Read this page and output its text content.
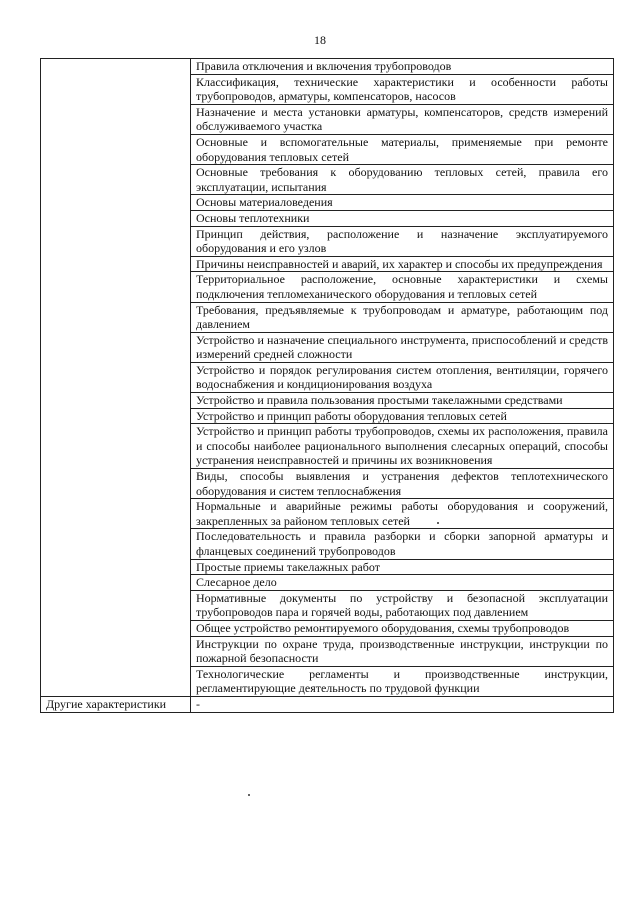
18
	Правила отключения и включения трубопроводов
	Классификация, технические характеристики и особенности работы трубопроводов, арматуры, компенсаторов, насосов
	Назначение и места установки арматуры, компенсаторов, средств измерений обслуживаемого участка
	Основные и вспомогательные материалы, применяемые при ремонте оборудования тепловых сетей
	Основные требования к оборудованию тепловых сетей, правила его эксплуатации, испытания
	Основы материаловедения
	Основы теплотехники
	Принцип действия, расположение и назначение эксплуатируемого оборудования и его узлов
	Причины неисправностей и аварий, их характер и способы их предупреждения
	Территориальное расположение, основные характеристики и схемы подключения тепломеханического оборудования и тепловых сетей
	Требования, предъявляемые к трубопроводам и арматуре, работающим под давлением
	Устройство и назначение специального инструмента, приспособлений и средств измерений средней сложности
	Устройство и порядок регулирования систем отопления, вентиляции, горячего водоснабжения и кондиционирования воздуха
	Устройство и правила пользования простыми такелажными средствами
	Устройство и принцип работы оборудования тепловых сетей
	Устройство и принцип работы трубопроводов, схемы их расположения, правила и способы наиболее рационального выполнения слесарных операций, способы устранения неисправностей и причины их возникновения
	Виды, способы выявления и устранения дефектов теплотехнического оборудования и систем теплоснабжения
	Нормальные и аварийные режимы работы оборудования и сооружений, закрепленных за районом тепловых сетей
	Последовательность и правила разборки и сборки запорной арматуры и фланцевых соединений трубопроводов
	Простые приемы такелажных работ
	Слесарное дело
	Нормативные документы по устройству и безопасной эксплуатации трубопроводов пара и горячей воды, работающих под давлением
	Общее устройство ремонтируемого оборудования, схемы трубопроводов
	Инструкции по охране труда, производственные инструкции, инструкции по пожарной безопасности
	Технологические регламенты и производственные инструкции, регламентирующие деятельность по трудовой функции
Другие характеристики	-
